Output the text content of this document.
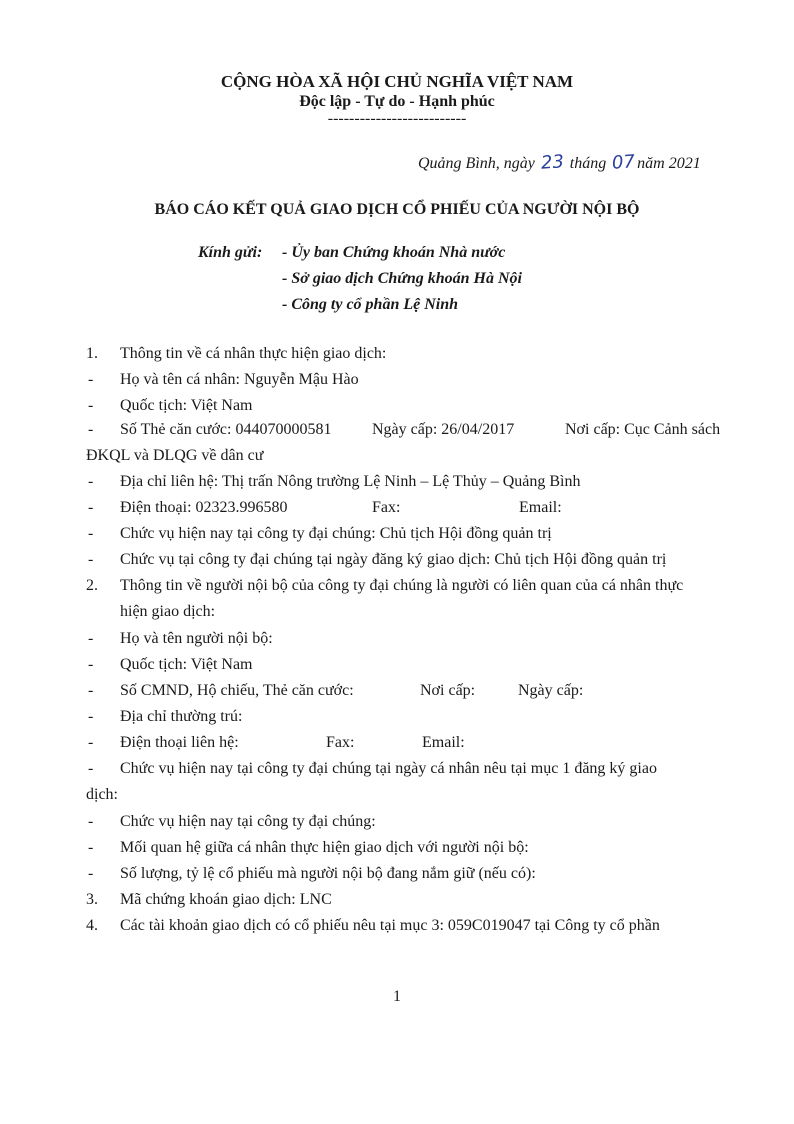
CỘNG HÒA XÃ HỘI CHỦ NGHĨA VIỆT NAM
Độc lập - Tự do - Hạnh phúc
--------------------------
Quảng Bình, ngày 23 tháng 07năm 2021
BÁO CÁO KẾT QUẢ GIAO DỊCH CỔ PHIẾU CỦA NGƯỜI NỘI BỘ
Kính gửi: - Ủy ban Chứng khoán Nhà nước
- Sở giao dịch Chứng khoán Hà Nội
- Công ty cổ phần Lệ Ninh
1. Thông tin về cá nhân thực hiện giao dịch:
- Họ và tên cá nhân: Nguyễn Mậu Hào
- Quốc tịch: Việt Nam
- Số Thẻ căn cước: 044070000581	Ngày cấp: 26/04/2017	Nơi cấp: Cục Cảnh sách
ĐKQL và DLQG về dân cư
- Địa chỉ liên hệ: Thị trấn Nông trường Lệ Ninh – Lệ Thủy – Quảng Bình
- Điện thoại: 02323.996580	Fax:	Email:
- Chức vụ hiện nay tại công ty đại chúng: Chủ tịch Hội đồng quản trị
- Chức vụ tại công ty đại chúng tại ngày đăng ký giao dịch: Chủ tịch Hội đồng quản trị
2. Thông tin về người nội bộ của công ty đại chúng là người có liên quan của cá nhân thực
hiện giao dịch:
- Họ và tên người nội bộ:
- Quốc tịch: Việt Nam
- Số CMND, Hộ chiếu, Thẻ căn cước:	Nơi cấp:	Ngày cấp:
- Địa chỉ thường trú:
- Điện thoại liên hệ:	Fax:	Email:
- Chức vụ hiện nay tại công ty đại chúng tại ngày cá nhân nêu tại mục 1 đăng ký giao
dịch:
- Chức vụ hiện nay tại công ty đại chúng:
- Mối quan hệ giữa cá nhân thực hiện giao dịch với người nội bộ:
- Số lượng, tỷ lệ cổ phiếu mà người nội bộ đang nắm giữ (nếu có):
3. Mã chứng khoán giao dịch: LNC
4. Các tài khoản giao dịch có cổ phiếu nêu tại mục 3: 059C019047 tại Công ty cổ phần
1
